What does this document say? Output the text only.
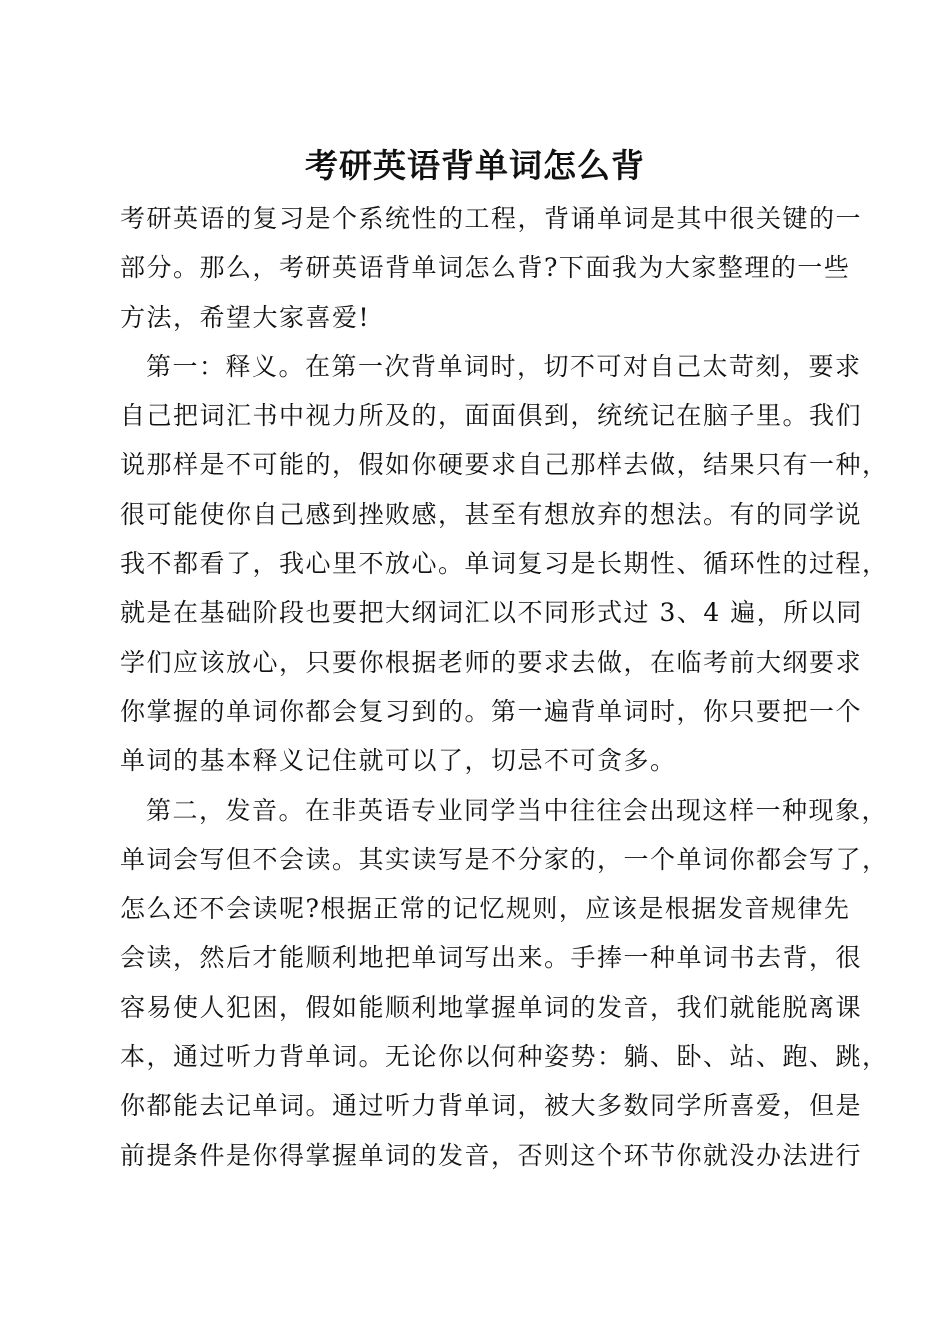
考研英语背单词怎么背
考研英语的复习是个系统性的工程，背诵单词是其中很关键的一
部分。那么，考研英语背单词怎么背?下面我为大家整理的一些
方法，希望大家喜爱!
第一：释义。在第一次背单词时，切不可对自己太苛刻，要求
自己把词汇书中视力所及的，面面俱到，统统记在脑子里。我们
说那样是不可能的，假如你硬要求自己那样去做，结果只有一种，
很可能使你自己感到挫败感，甚至有想放弃的想法。有的同学说
我不都看了，我心里不放心。单词复习是长期性、循环性的过程，
就是在基础阶段也要把大纲词汇以不同形式过 3、4 遍，所以同
学们应该放心，只要你根据老师的要求去做，在临考前大纲要求
你掌握的单词你都会复习到的。第一遍背单词时，你只要把一个
单词的基本释义记住就可以了，切忌不可贪多。
第二，发音。在非英语专业同学当中往往会出现这样一种现象，
单词会写但不会读。其实读写是不分家的，一个单词你都会写了，
怎么还不会读呢?根据正常的记忆规则，应该是根据发音规律先
会读，然后才能顺利地把单词写出来。手捧一种单词书去背，很
容易使人犯困，假如能顺利地掌握单词的发音，我们就能脱离课
本，通过听力背单词。无论你以何种姿势：躺、卧、站、跑、跳，
你都能去记单词。通过听力背单词，被大多数同学所喜爱，但是
前提条件是你得掌握单词的发音，否则这个环节你就没办法进行
